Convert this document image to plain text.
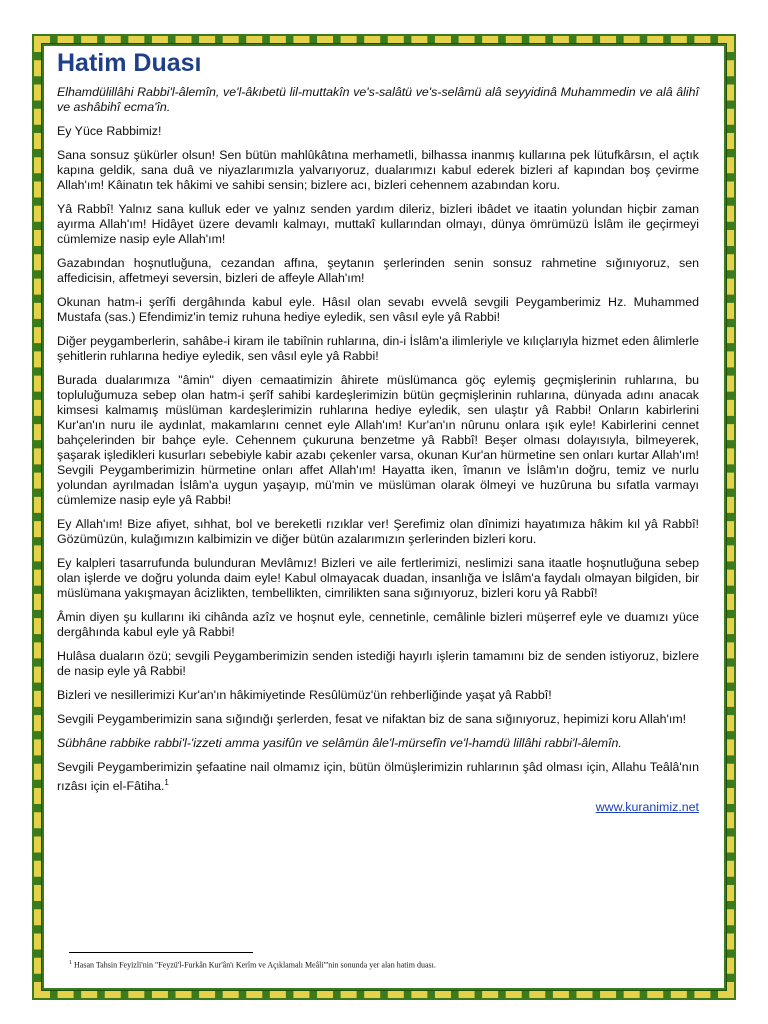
Hatim Duası

Elhamdülillâhi Rabbi'l-âlemîn, ve'l-âkıbetü lil-muttakîn ve's-salâtü ve's-selâmü alâ seyyidinâ Muhammedin ve alâ âlihî ve ashâbihî ecma'în.

Ey Yüce Rabbimiz!

Sana sonsuz şükürler olsun! Sen bütün mahlûkâtına merhametli, bilhassa inanmış kullarına pek lütufkârsın, el açtık kapına geldik, sana duâ ve niyazlarımızla yalvarıyoruz, dualarımızı kabul ederek bizleri af kapından boş çevirme Allah'ım! Kâinatın tek hâkimi ve sahibi sensin; bizlere acı, bizleri cehennem azabından koru.

Yâ Rabbî! Yalnız sana kulluk eder ve yalnız senden yardım dileriz, bizleri ibâdet ve itaatin yolundan hiçbir zaman ayırma Allah'ım! Hidâyet üzere devamlı kalmayı, muttakî kullarından olmayı, dünya ömrümüzü İslâm ile geçirmeyi cümlemize nasip eyle Allah'ım!

Gazabından hoşnutluğuna, cezandan affına, şeytanın şerlerinden senin sonsuz rahmetine sığınıyoruz, sen affedicisin, affetmeyi seversin, bizleri de affeyle Allah'ım!

Okunan hatm-i şerîfi dergâhında kabul eyle. Hâsıl olan sevabı evvelâ sevgili Peygamberimiz Hz. Muhammed Mustafa (sas.) Efendimiz'in temiz ruhuna hediye eyledik, sen vâsıl eyle yâ Rabbi!

Diğer peygamberlerin, sahâbe-i kiram ile tabiînin ruhlarına, din-i İslâm'a ilimleriyle ve kılıçlarıyla hizmet eden âlimlerle şehitlerin ruhlarına hediye eyledik, sen vâsıl eyle yâ Rabbi!

Burada dualarımıza "âmin" diyen cemaatimizin âhirete müslümanca göç eylemiş geçmişlerinin ruhlarına, bu topluluğumuza sebep olan hatm-i şerîf sahibi kardeşlerimizin bütün geçmişlerinin ruhlarına, dünyada adını anacak kimsesi kalmamış müslüman kardeşlerimizin ruhlarına hediye eyledik, sen ulaştır yâ Rabbi! Onların kabirlerini Kur'an'ın nuru ile aydınlat, makamlarını cennet eyle Allah'ım! Kur'an'ın nûrunu onlara ışık eyle! Kabirlerini cennet bahçelerinden bir bahçe eyle. Cehennem çukuruna benzetme yâ Rabbî! Beşer olması dolayısıyla, bilmeyerek, şaşarak işledikleri kusurları sebebiyle kabir azabı çekenler varsa, okunan Kur'an hürmetine sen onları kurtar Allah'ım! Sevgili Peygamberimizin hürmetine onları affet Allah'ım! Hayatta iken, îmanın ve İslâm'ın doğru, temiz ve nurlu yolundan ayrılmadan İslâm'a uygun yaşayıp, mü'min ve müslüman olarak ölmeyi ve huzûruna bu sıfatla varmayı cümlemize nasip eyle yâ Rabbi!

Ey Allah'ım! Bize afiyet, sıhhat, bol ve bereketli rızıklar ver! Şerefimiz olan dînimizi hayatımıza hâkim kıl yâ Rabbî! Gözümüzün, kulağımızın kalbimizin ve diğer bütün azalarımızın şerlerinden bizleri koru.

Ey kalpleri tasarrufunda bulunduran Mevlâmız! Bizleri ve aile fertlerimizi, neslimizi sana itaatle hoşnutluğuna sebep olan işlerde ve doğru yolunda daim eyle! Kabul olmayacak duadan, insanlığa ve İslâm'a faydalı olmayan bilgiden, bir müslümana yakışmayan âcizlikten, tembellikten, cimrilikten sana sığınıyoruz, bizleri koru yâ Rabbî!

Âmin diyen şu kullarını iki cihânda azîz ve hoşnut eyle, cennetinle, cemâlinle bizleri müşerref eyle ve duamızı yüce dergâhında kabul eyle yâ Rabbi!

Hulâsa duaların özü; sevgili Peygamberimizin senden istediği hayırlı işlerin tamamını biz de senden istiyoruz, bizlere de nasip eyle yâ Rabbi!

Bizleri ve nesillerimizi Kur'an'ın hâkimiyetinde Resûlümüz'ün rehberliğinde yaşat yâ Rabbî!

Sevgili Peygamberimizin sana sığındığı şerlerden, fesat ve nifaktan biz de sana sığınıyoruz, hepimizi koru Allah'ım!

Sübhâne rabbike rabbi'l-'izzeti amma yasifûn ve selâmün âle'l-mürsefîn ve'l-hamdü lillâhi rabbi'l-âlemîn.

Sevgili Peygamberimizin şefaatine nail olmamız için, bütün ölmüşlerimizin ruhlarının şâd olması için, Allahu Teâlâ'nın rızâsı için el-Fâtiha.$^1$

www.kuranimiz.net
$^1$ Hasan Tahsin Feyizli'nin "Feyzü'l-Furkân Kur'ân'ı Kerîm ve Açıklamalı Meâli"'nin sonunda yer alan hatim duası.
